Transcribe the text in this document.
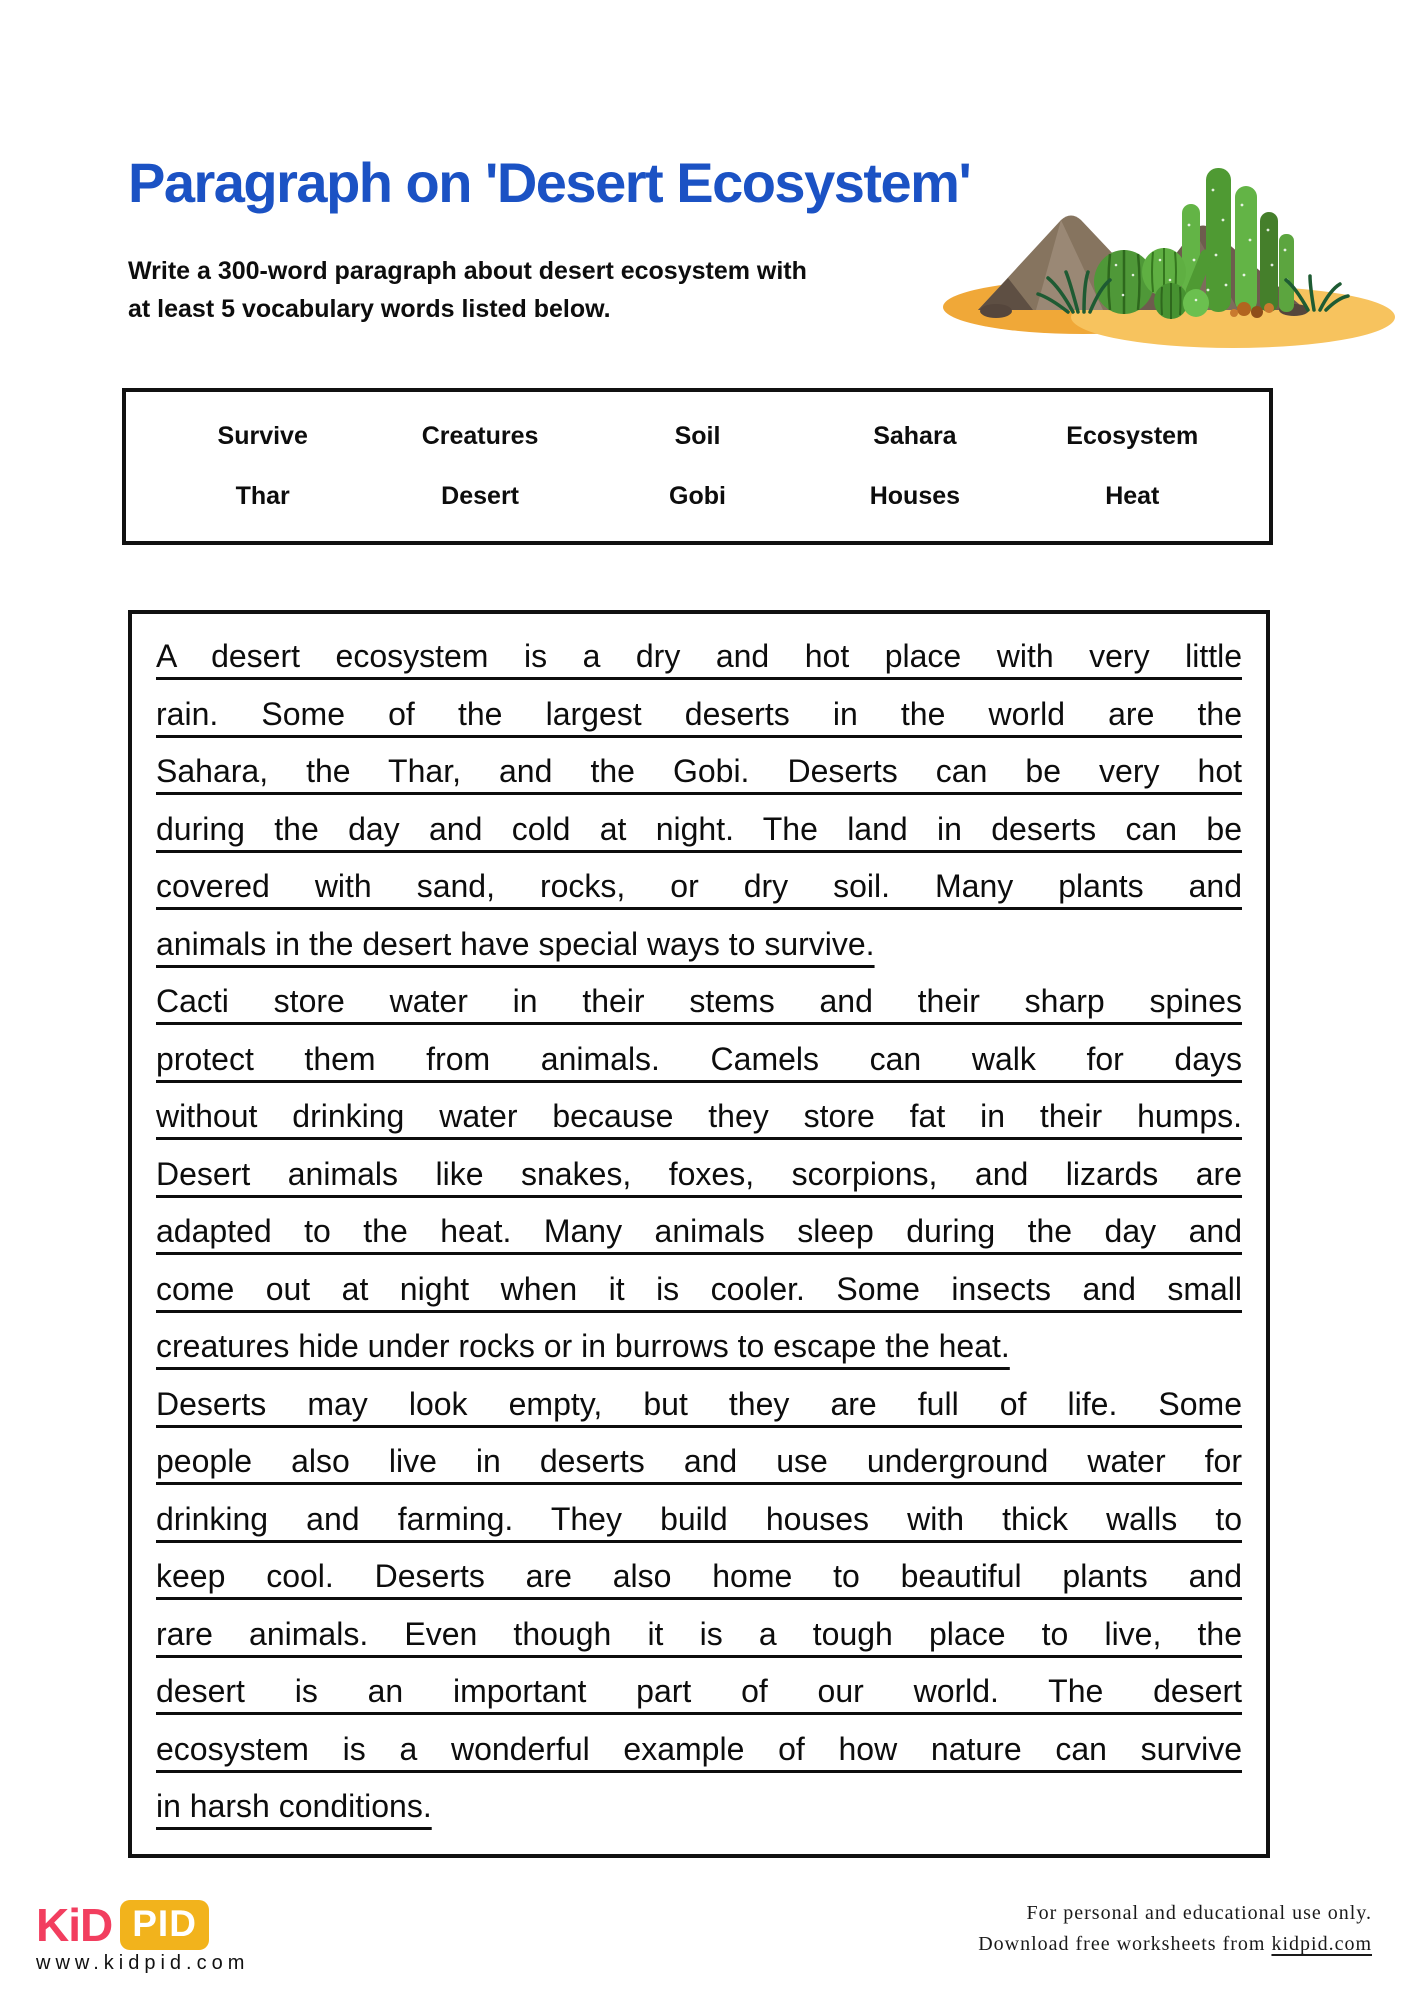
Paragraph on 'Desert Ecosystem'
Write a 300-word paragraph about desert ecosystem with
at least 5 vocabulary words listed below.
Survive	Creatures	Soil	Sahara	Ecosystem
Thar	Desert	Gobi	Houses	Heat
A desert ecosystem is a dry and hot place with very little
rain. Some of the largest deserts in the world are the
Sahara, the Thar, and the Gobi. Deserts can be very hot
during the day and cold at night. The land in deserts can be
covered with sand, rocks, or dry soil. Many plants and
animals in the desert have special ways to survive.
Cacti store water in their stems and their sharp spines
protect them from animals. Camels can walk for days
without drinking water because they store fat in their humps.
Desert animals like snakes, foxes, scorpions, and lizards are
adapted to the heat. Many animals sleep during the day and
come out at night when it is cooler. Some insects and small
creatures hide under rocks or in burrows to escape the heat.
Deserts may look empty, but they are full of life. Some
people also live in deserts and use underground water for
drinking and farming. They build houses with thick walls to
keep cool. Deserts are also home to beautiful plants and
rare animals. Even though it is a tough place to live, the
desert is an important part of our world. The desert
ecosystem is a wonderful example of how nature can survive
in harsh conditions.
KiD PID
www.kidpid.com
For personal and educational use only.
Download free worksheets from kidpid.com
